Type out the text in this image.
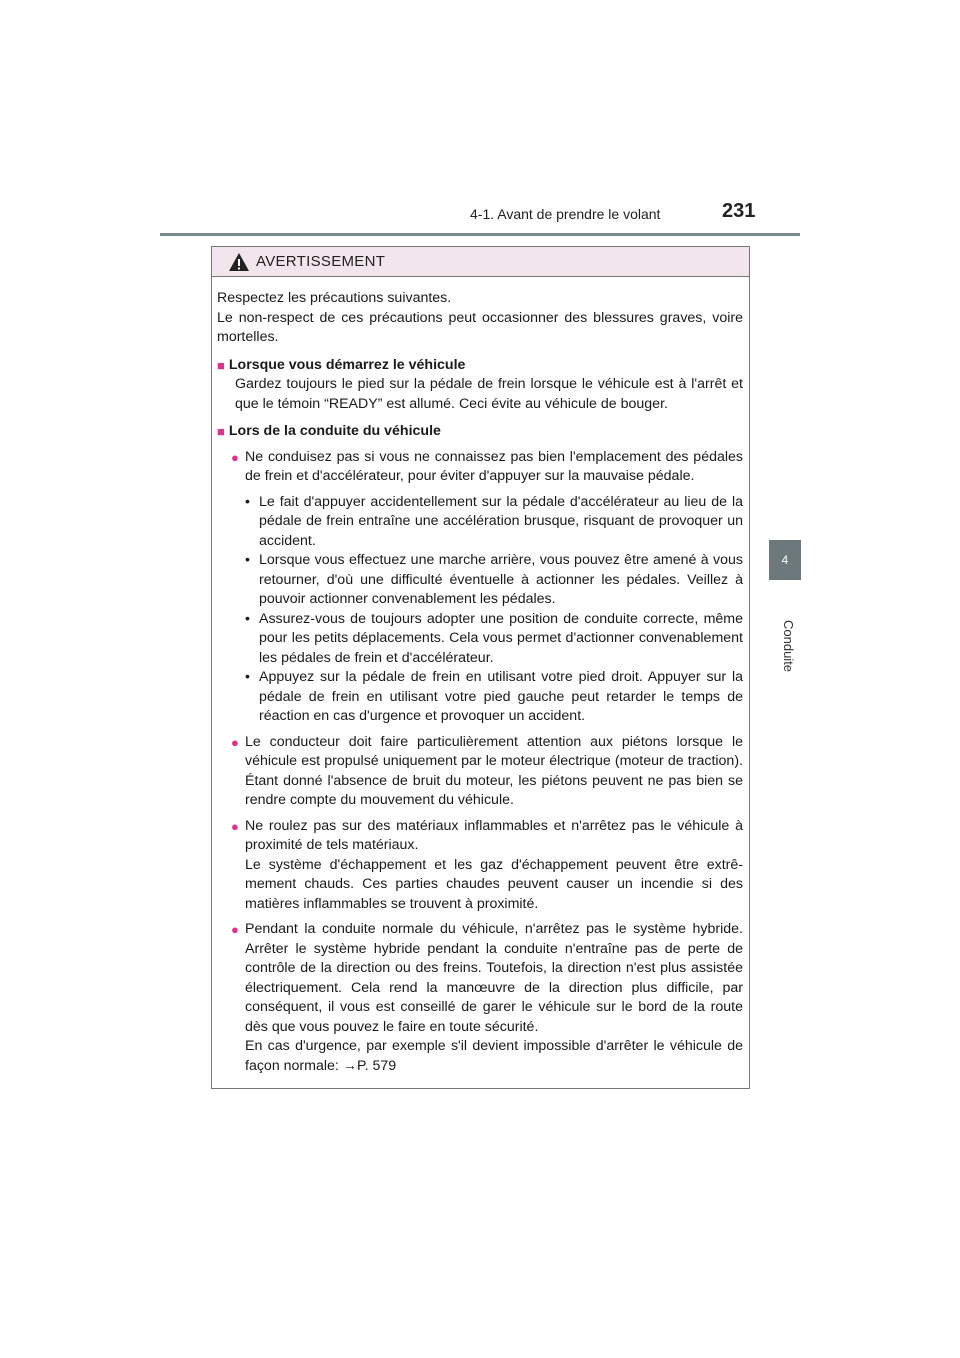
4-1. Avant de prendre le volant	231
4
Conduite
AVERTISSEMENT

Respectez les précautions suivantes.

Le non-respect de ces précautions peut occasionner des blessures graves, voire mortelles.

■ Lorsque vous démarrez le véhicule

Gardez toujours le pied sur la pédale de frein lorsque le véhicule est à l'arrêt et que le témoin “READY” est allumé. Ceci évite au véhicule de bouger.

■ Lors de la conduite du véhicule

● Ne conduisez pas si vous ne connaissez pas bien l'emplacement des pédales de frein et d'accélérateur, pour éviter d'appuyer sur la mauvaise pédale.

• Le fait d'appuyer accidentellement sur la pédale d'accélérateur au lieu de la pédale de frein entraîne une accélération brusque, risquant de provoquer un accident.

• Lorsque vous effectuez une marche arrière, vous pouvez être amené à vous retourner, d'où une difficulté éventuelle à actionner les pédales. Veillez à pouvoir actionner convenablement les pédales.

• Assurez-vous de toujours adopter une position de conduite correcte, même pour les petits déplacements. Cela vous permet d'actionner convenablement les pédales de frein et d'accélérateur.

• Appuyez sur la pédale de frein en utilisant votre pied droit. Appuyer sur la pédale de frein en utilisant votre pied gauche peut retarder le temps de réaction en cas d'urgence et provoquer un accident.

● Le conducteur doit faire particulièrement attention aux piétons lorsque le véhicule est propulsé uniquement par le moteur électrique (moteur de traction). Étant donné l'absence de bruit du moteur, les piétons peuvent ne pas bien se rendre compte du mouvement du véhicule.

● Ne roulez pas sur des matériaux inflammables et n'arrêtez pas le véhicule à proximité de tels matériaux.

Le système d'échappement et les gaz d'échappement peuvent être extrê-mement chauds. Ces parties chaudes peuvent causer un incendie si des matières inflammables se trouvent à proximité.

● Pendant la conduite normale du véhicule, n'arrêtez pas le système hybride. Arrêter le système hybride pendant la conduite n'entraîne pas de perte de contrôle de la direction ou des freins. Toutefois, la direction n'est plus assistée électriquement. Cela rend la manœuvre de la direction plus difficile, par conséquent, il vous est conseillé de garer le véhicule sur le bord de la route dès que vous pouvez le faire en toute sécurité.

En cas d'urgence, par exemple s'il devient impossible d'arrêter le véhicule de façon normale: →P. 579
